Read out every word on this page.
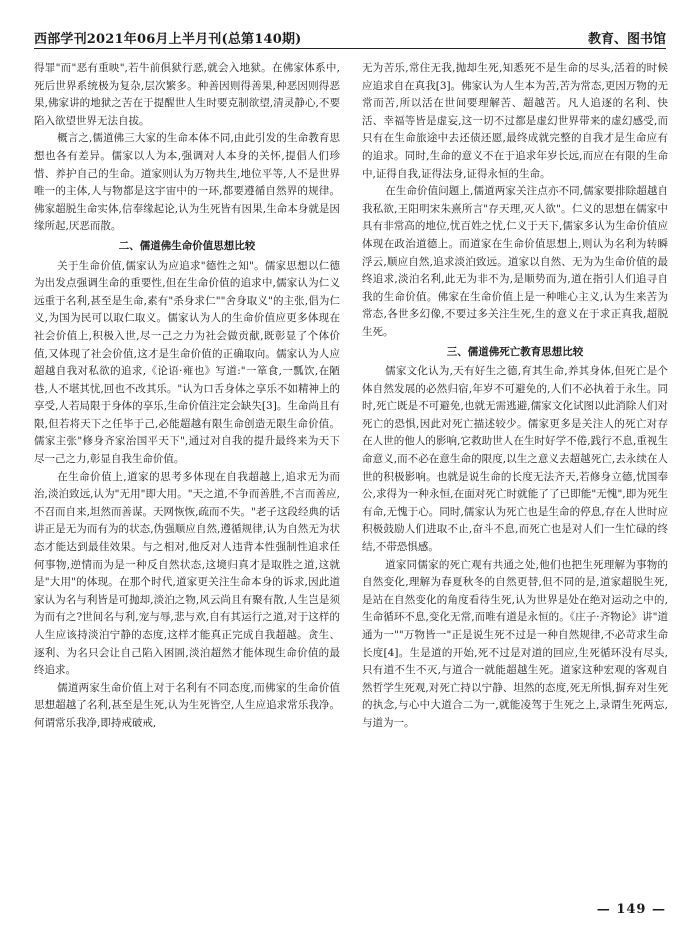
西部学刊2021年06月上半月刊(总第140期)	教育、图书馆

得罪"而"恶有重映",若牛前俱狱行恶,就会入地狱。在佛家体系中,死后世界系统极为复杂,层次繁多。种善因则得善果,种恶因则得恶果,佛家讲的地狱之苦在于提醒世人生时要克制欲望,清灵静心,不要陷入欲望世界无法自拔。

概言之,儒道佛三大家的生命本体不同,由此引发的生命教育思想也各有差异。儒家以人为本,强调对人本身的关怀,提倡人们珍惜、养护自己的生命。道家则认为万物共生,地位平等,人不是世界唯一的主体,人与物都是这宇宙中的一环,都要遵循自然界的规律。佛家超脱生命实体,信奉缘起论,认为生死皆有因果,生命本身就是因缘所起,厌恶而散。

二、儒道佛生命价值思想比较

关于生命价值,儒家认为应追求"德性之知"。儒家思想以仁德为出发点强调生命的重要性,但在生命价值的追求中,儒家认为仁义远重于名利,甚至是生命,素有"杀身求仁""舍身取义"的主张,倡为仁义,为国为民可以取仁取义。儒家认为人的生命价值应更多体现在社会价值上,积极入世,尽一己之力为社会做贡献,既彰显了个体价值,又体现了社会价值,这才是生命价值的正确取向。儒家认为人应超越自我对私欲的追求,《论语·雍也》写道:"一箪食,一瓢饮,在陋巷,人不堪其忧,回也不改其乐。"认为口舌身体之享乐不如精神上的享受,人若局限于身体的享乐,生命价值注定会缺失[3]。生命尚且有限,但若将天下之任毕于己,必能超越有限生命创造无限生命价值。儒家主张"修身齐家治国平天下",通过对自我的提升最终来为天下尽一己之力,彰显自我生命价值。

在生命价值上,道家的思考多体现在自我超越上,追求无为而治,淡泊致远,认为"无用"即大用。"天之道,不争而善胜,不言而善应,不召而自来,坦然而善谋。天网恢恢,疏而不失。"老子这段经典的话讲正是无为而有为的状态,伪强顺应自然,遵循规律,认为自然无为状态才能达到最佳效果。与之相对,他反对人违背本性强制性追求任何事物,逆情而为是一种反自然状态,这境归真才是取胜之道,这就是"大用"的体现。在那个时代,道家更关注生命本身的诉求,因此道家认为名与利皆是可抛却,淡泊之物,风云尚且有聚有散,人生岂是须为而有之?世间名与利,宠与辱,悲与欢,自有其运行之道,对于这样的人生应该持淡泊宁静的态度,这样才能真正完成自我超越。贪生、逐利、为名只会让自己陷入困圄,淡泊超然才能体现生命价值的最终追求。

儒道两家生命价值上对于名利有不同态度,而佛家的生命价值思想超越了名利,甚至是生死,认为生死皆空,人生应追求常乐我净。何谓常乐我净,即持戒破戒,

无为苦乐,常住无我,抛却生死,知悉死不是生命的尽头,活着的时候应追求自在真我[3]。佛家认为人生本为苦,苦为常态,更因万物的无常而苦,所以活在世间要理解苦、超越苦。凡人追逐的名利、快活、幸福等皆是虚妄,这一切不过都是虚幻世界带来的虚幻感受,而只有在生命旅途中去还债还愿,最终成就完整的自我才是生命应有的追求。同时,生命的意义不在于追求年岁长远,而应在有限的生命中,证得自我,证得法身,证得永恒的生命。

在生命价值问题上,儒道两家关注点亦不同,儒家要排除超越自我私欲,王阳明宋朱熹所言"存天理,灭人欲"。仁义的思想在儒家中具有非常高的地位,忧百姓之忧,仁义于天下,儒家多认为生命价值应体现在政治道德上。而道家在生命价值思想上,则认为名利为转瞬浮云,顺应自然,追求淡泊致远。道家以自然、无为为生命价值的最终追求,淡泊名利,此无为非不为,是顺势而为,道在指引人们追寻自我的生命价值。佛家在生命价值上是一种唯心主义,认为生来苦为常态,各世多幻像,不要过多关注生死,生的意义在于求正真我,超脱生死。

三、儒道佛死亡教育思想比较

儒家文化认为,天有好生之德,育其生命,养其身体,但死亡是个体自然发展的必然归宿,年岁不可避免的,人们不必执着于永生。同时,死亡既是不可避免,也就无需逃避,儒家文化试图以此消除人们对死亡的恐惧,因此对死亡描述较少。儒家更多是关注人的死亡对存在人世的他人的影响,它救助世人在生时好学不倦,践行不息,重视生命意义,而不必在意生命的限度,以生之意义去超越死亡,去永续在人世的积极影响。也就是说生命的长度无法齐天,若修身立德,忧国奉公,求得为一种永恒,在面对死亡时就能了了已即能"无愧",即为死生有命,无愧于心。同时,儒家认为死亡也是生命的停息,存在人世时应积极鼓励人们进取不止,奋斗不息,而死亡也是对人们一生忙碌的终结,不带恐惧感。

道家同儒家的死亡观有共通之处,他们也把生死理解为事物的自然变化,理解为春夏秋冬的自然更替,但不同的是,道家超脱生死,是站在自然变化的角度看待生死,认为世界是处在绝对运动之中的,生命循环不息,变化无常,而唯有道是永恒的。《庄子·齐物论》讲"道通为一""万物皆一"正是说生死不过是一种自然规律,不必苛求生命长度[4]。生是道的开始,死不过是对道的回应,生死循环没有尽头,只有道不生不灭,与道合一就能超越生死。道家这种宏观的客观自然哲学生死观,对死亡持以宁静、坦然的态度,死无所惧,摒弃对生死的执念,与心中大道合二为一,就能凌驾于生死之上,录谓生死两忘,与道为一。

— 149 —
